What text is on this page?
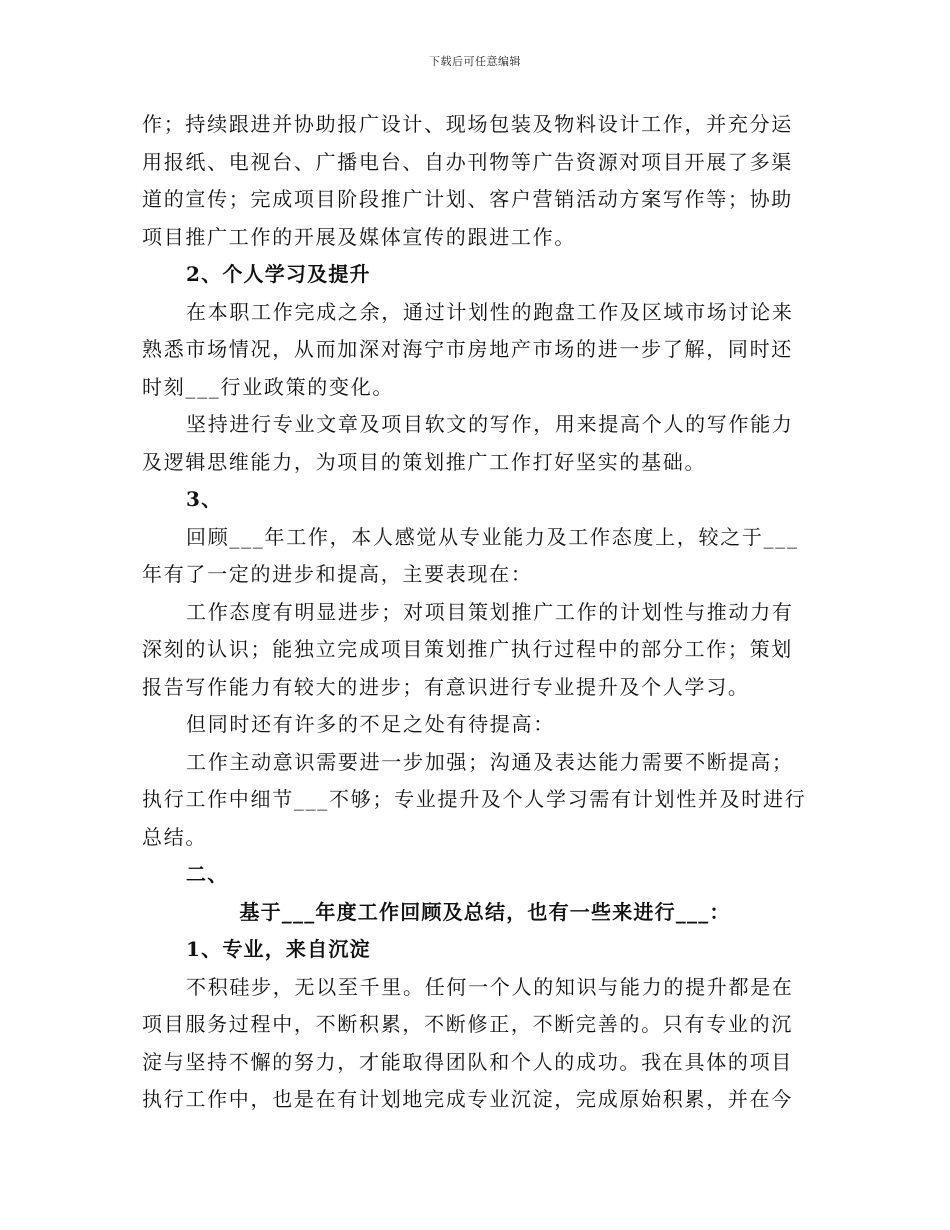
下载后可任意编辑

作；持续跟进并协助报广设计、现场包装及物料设计工作，并充分运

用报纸、电视台、广播电台、自办刊物等广告资源对项目开展了多渠

道的宣传；完成项目阶段推广计划、客户营销活动方案写作等；协助

项目推广工作的开展及媒体宣传的跟进工作。

2、个人学习及提升

在本职工作完成之余，通过计划性的跑盘工作及区域市场讨论来

熟悉市场情况，从而加深对海宁市房地产市场的进一步了解，同时还

时刻___行业政策的变化。

坚持进行专业文章及项目软文的写作，用来提高个人的写作能力

及逻辑思维能力，为项目的策划推广工作打好坚实的基础。

3、

回顾___年工作，本人感觉从专业能力及工作态度上，较之于___

年有了一定的进步和提高，主要表现在：

工作态度有明显进步；对项目策划推广工作的计划性与推动力有

深刻的认识；能独立完成项目策划推广执行过程中的部分工作；策划

报告写作能力有较大的进步；有意识进行专业提升及个人学习。

但同时还有许多的不足之处有待提高：

工作主动意识需要进一步加强；沟通及表达能力需要不断提高；

执行工作中细节___不够；专业提升及个人学习需有计划性并及时进行

总结。

二、

基于___年度工作回顾及总结，也有一些来进行___：

1、专业，来自沉淀

不积硅步，无以至千里。任何一个人的知识与能力的提升都是在

项目服务过程中，不断积累，不断修正，不断完善的。只有专业的沉

淀与坚持不懈的努力，才能取得团队和个人的成功。我在具体的项目

执行工作中，也是在有计划地完成专业沉淀，完成原始积累，并在今
